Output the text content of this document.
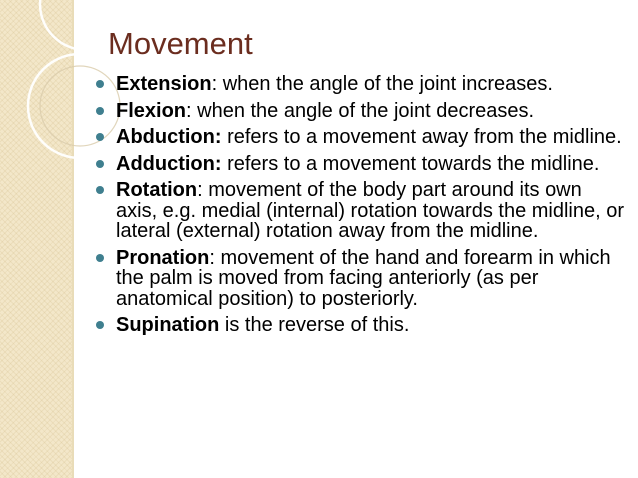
Movement
Extension: when the angle of the joint increases.
Flexion: when the angle of the joint decreases.
Abduction: refers to a movement away from the midline.
Adduction: refers to a movement towards the midline.
Rotation: movement of the body part around its own axis, e.g. medial (internal) rotation towards the midline, or lateral (external) rotation away from the midline.
Pronation: movement of the hand and forearm in which the palm is moved from facing anteriorly (as per anatomical position) to posteriorly.
Supination is the reverse of this.
